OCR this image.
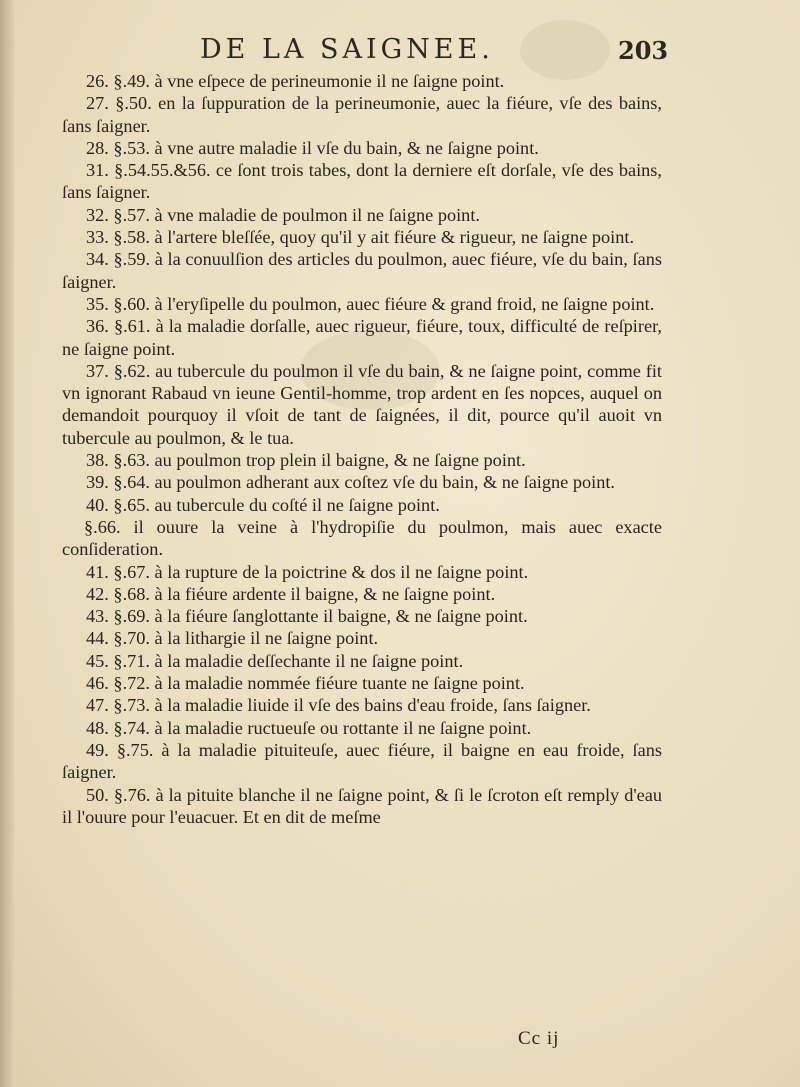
DE LA SAIGNEE.	203

26. §.49. à vne eſpece de perineumonie il ne ſaigne point.

27. §.50. en la ſuppuration de la perineumonie, auec la fiéure, vſe des bains, ſans ſaigner.

28. §.53. à vne autre maladie il vſe du bain, & ne ſaigne point.

31. §.54.55.&56. ce ſont trois tabes, dont la derniere eſt dorſale, vſe des bains, ſans ſaigner.

32. §.57. à vne maladie de poulmon il ne ſaigne point.

33. §.58. à l'artere bleſſée, quoy qu'il y ait fiéure & rigueur, ne ſaigne point.

34. §.59. à la conuulſion des articles du poulmon, auec fiéure, vſe du bain, ſans ſaigner.

35. §.60. à l'eryſipelle du poulmon, auec fiéure & grand froid, ne ſaigne point.

36. §.61. à la maladie dorſalle, auec rigueur, fiéure, toux, difficulté de reſpirer, ne ſaigne point.

37. §.62. au tubercule du poulmon il vſe du bain, & ne ſaigne point, comme fit vn ignorant Rabaud vn ieune Gentil-homme, trop ardent en ſes nopces, auquel on demandoit pourquoy il vſoit de tant de ſaignées, il dit, pource qu'il auoit vn tubercule au poulmon, & le tua.

38. §.63. au poulmon trop plein il baigne, & ne ſaigne point.

39. §.64. au poulmon adherant aux coſtez vſe du bain, & ne ſaigne point.

40. §.65. au tubercule du coſté il ne ſaigne point.

§.66. il ouure la veine à l'hydropiſie du poulmon, mais auec exacte conſideration.

41. §.67. à la rupture de la poictrine & dos il ne ſaigne point.

42. §.68. à la fiéure ardente il baigne, & ne ſaigne point.

43. §.69. à la fiéure ſanglottante il baigne, & ne ſaigne point.

44. §.70. à la lithargie il ne ſaigne point.

45. §.71. à la maladie deſſechante il ne ſaigne point.

46. §.72. à la maladie nommée fiéure tuante ne ſaigne point.

47. §.73. à la maladie liuide il vſe des bains d'eau froide, ſans ſaigner.

48. §.74. à la maladie ructueuſe ou rottante il ne ſaigne point.

49. §.75. à la maladie pituiteuſe, auec fiéure, il baigne en eau froide, ſans ſaigner.

50. §.76. à la pituite blanche il ne ſaigne point, & ſi le ſcroton eſt remply d'eau il l'ouure pour l'euacuer. Et en dit de meſme

Cc ij
